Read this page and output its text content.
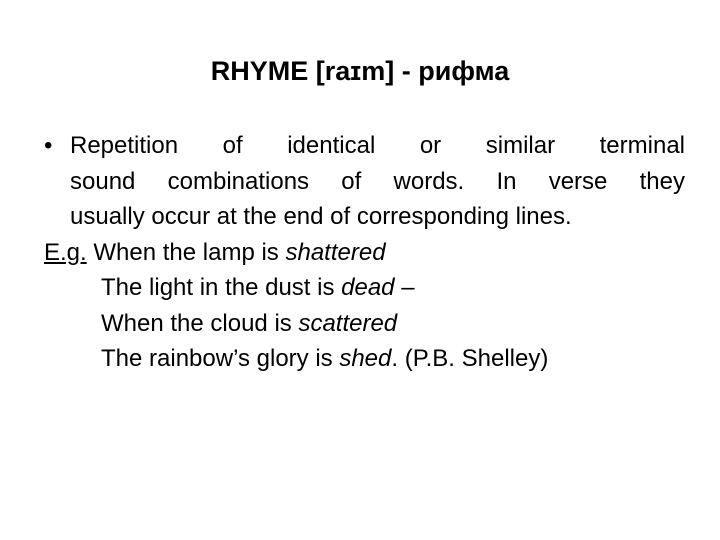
RHYME [raɪm] - рифма
• Repetition of identical or similar terminal
sound combinations of words. In verse they
usually occur at the end of corresponding lines.
E.g. When the lamp is shattered
The light in the dust is dead –
When the cloud is scattered
The rainbow’s glory is shed. (P.B. Shelley)
